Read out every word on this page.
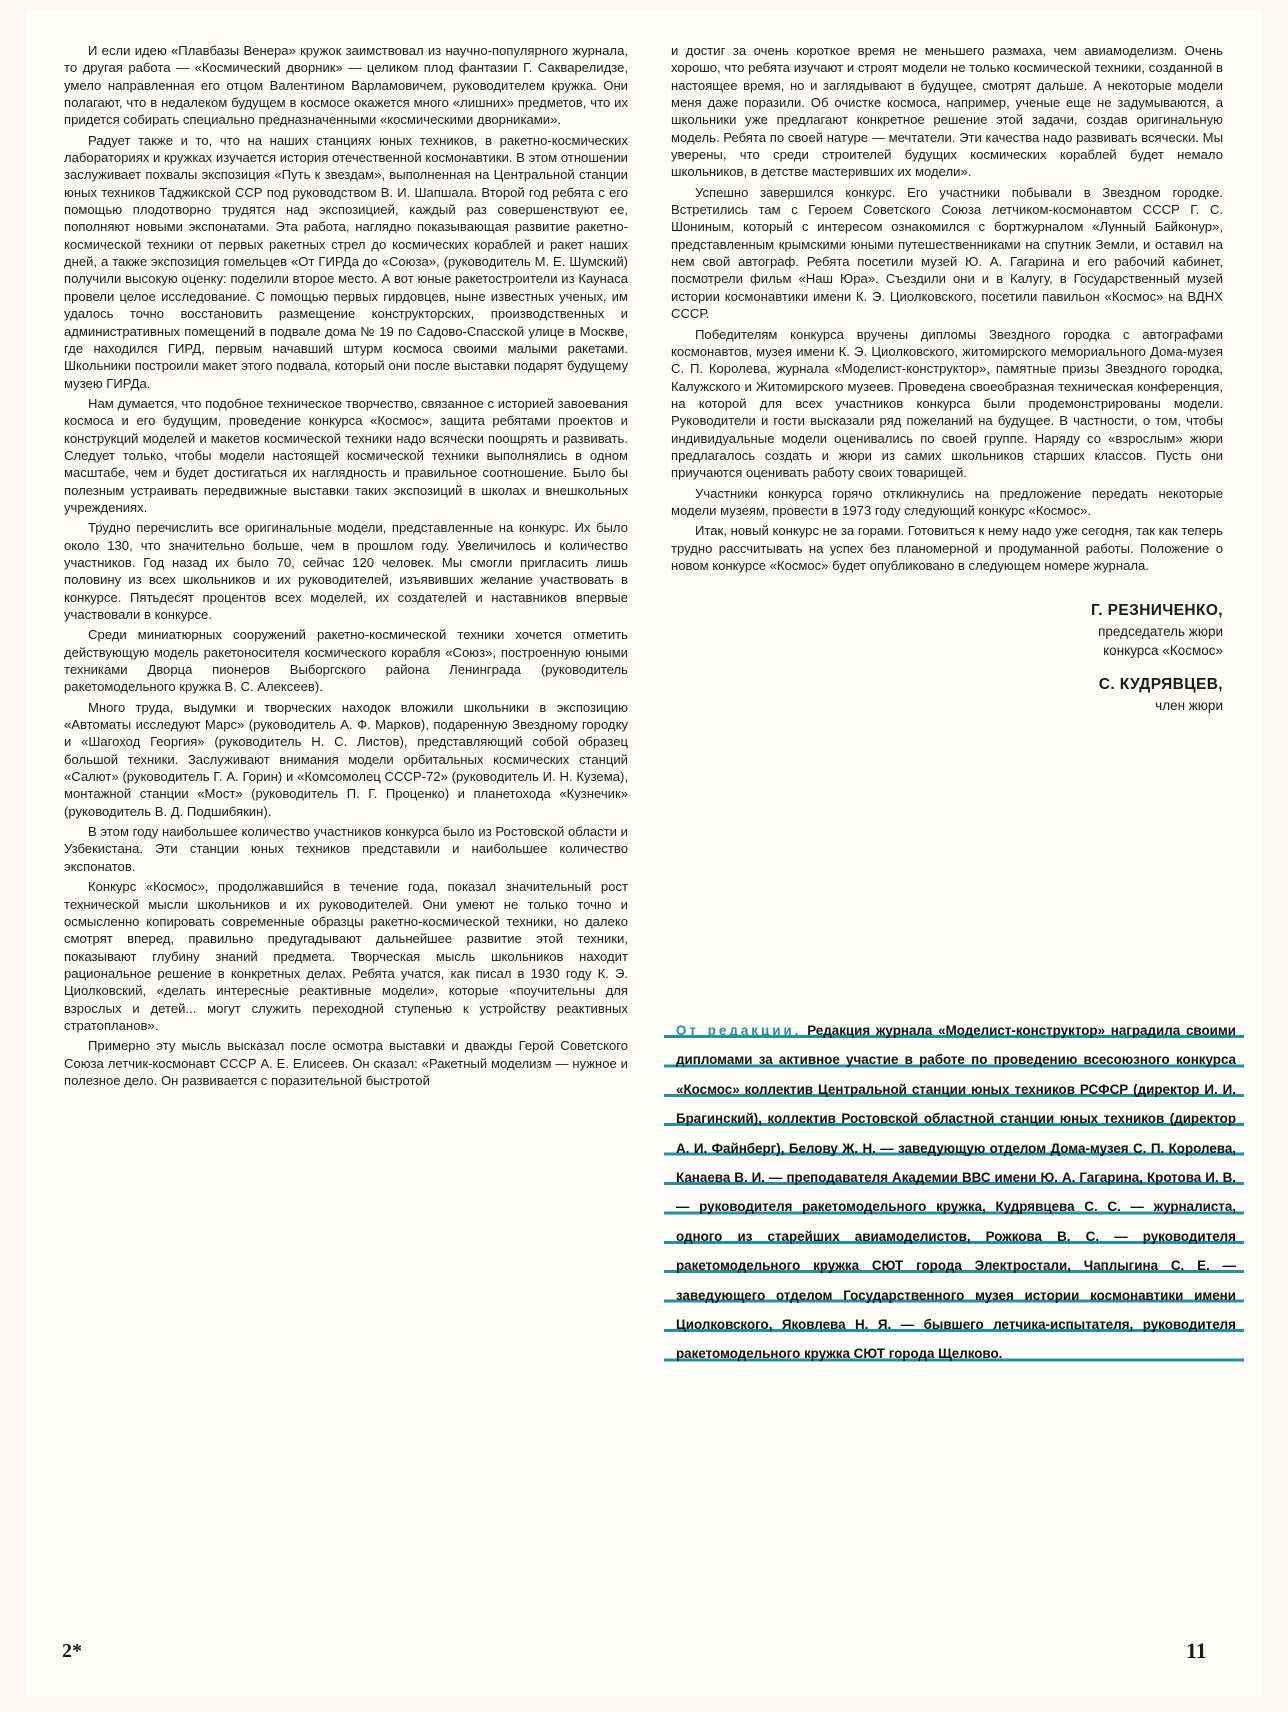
И если идею «Плавбазы Венера» кружок заимствовал из научно-популярного журнала, то другая работа — «Космический дворник» — целиком плод фантазии Г. Сакварелидзе, умело направленная его отцом Валентином Варламовичем, руководителем кружка. Они полагают, что в недалеком будущем в космосе окажется много «лишних» предметов, что их придется собирать специально предназначенными «космическими дворниками».

Радует также и то, что на наших станциях юных техников, в ракетно-космических лабораториях и кружках изучается история отечественной космонавтики. В этом отношении заслуживает похвалы экспозиция «Путь к звездам», выполненная на Центральной станции юных техников Таджикской ССР под руководством В. И. Шапшала. Второй год ребята с его помощью плодотворно трудятся над экспозицией, каждый раз совершенствуют ее, пополняют новыми экспонатами. Эта работа, наглядно показывающая развитие ракетно-космической техники от первых ракетных стрел до космических кораблей и ракет наших дней, а также экспозиция гомельцев «От ГИРДа до «Союза», (руководитель М. Е. Шумский) получили высокую оценку: поделили второе место. А вот юные ракетостроители из Каунаса провели целое исследование. С помощью первых гирдовцев, ныне известных ученых, им удалось точно восстановить размещение конструкторских, производственных и административных помещений в подвале дома № 19 по Садово-Спасской улице в Москве, где находился ГИРД, первым начавший штурм космоса своими малыми ракетами. Школьники построили макет этого подвала, который они после выставки подарят будущему музею ГИРДа.

Нам думается, что подобное техническое творчество, связанное с историей завоевания космоса и его будущим, проведение конкурса «Космос», защита ребятами проектов и конструкций моделей и макетов космической техники надо всячески поощрять и развивать. Следует только, чтобы модели настоящей космической техники выполнялись в одном масштабе, чем и будет достигаться их наглядность и правильное соотношение. Было бы полезным устраивать передвижные выставки таких экспозиций в школах и внешкольных учреждениях.

Трудно перечислить все оригинальные модели, представленные на конкурс. Их было около 130, что значительно больше, чем в прошлом году. Увеличилось и количество участников. Год назад их было 70, сейчас 120 человек. Мы смогли пригласить лишь половину из всех школьников и их руководителей, изъявивших желание участвовать в конкурсе. Пятьдесят процентов всех моделей, их создателей и наставников впервые участвовали в конкурсе.

Среди миниатюрных сооружений ракетно-космической техники хочется отметить действующую модель ракетоносителя космического корабля «Союз», построенную юными техниками Дворца пионеров Выборгского района Ленинграда (руководитель ракетомодельного кружка В. С. Алексеев).

Много труда, выдумки и творческих находок вложили школьники в экспозицию «Автоматы исследуют Марс» (руководитель А. Ф. Марков), подаренную Звездному городку и «Шагоход Георгия» (руководитель Н. С. Листов), представляющий собой образец большой техники. Заслуживают внимания модели орбитальных космических станций «Салют» (руководитель Г. А. Горин) и «Комсомолец СССР-72» (руководитель И. Н. Кузема), монтажной станции «Мост» (руководитель П. Г. Проценко) и планетохода «Кузнечик» (руководитель В. Д. Подшибякин).

В этом году наибольшее количество участников конкурса было из Ростовской области и Узбекистана. Эти станции юных техников представили и наибольшее количество экспонатов.

Конкурс «Космос», продолжавшийся в течение года, показал значительный рост технической мысли школьников и их руководителей. Они умеют не только точно и осмысленно копировать современные образцы ракетно-космической техники, но далеко смотрят вперед, правильно предугадывают дальнейшее развитие этой техники, показывают глубину знаний предмета. Творческая мысль школьников находит рациональное решение в конкретных делах. Ребята учатся, как писал в 1930 году К. Э. Циолковский, «делать интересные реактивные модели», которые «поучительны для взрослых и детей... могут служить переходной ступенью к устройству реактивных стратопланов».

Примерно эту мысль высказал после осмотра выставки и дважды Герой Советского Союза летчик-космонавт СССР А. Е. Елисеев. Он сказал: «Ракетный моделизм — нужное и полезное дело. Он развивается с поразительной быстротой

и достиг за очень короткое время не меньшего размаха, чем авиамоделизм. Очень хорошо, что ребята изучают и строят модели не только космической техники, созданной в настоящее время, но и заглядывают в будущее, смотрят дальше. А некоторые модели меня даже поразили. Об очистке космоса, например, ученые еще не задумываются, а школьники уже предлагают конкретное решение этой задачи, создав оригинальную модель. Ребята по своей натуре — мечтатели. Эти качества надо развивать всячески. Мы уверены, что среди строителей будущих космических кораблей будет немало школьников, в детстве мастеривших их модели».

Успешно завершился конкурс. Его участники побывали в Звездном городке. Встретились там с Героем Советского Союза летчиком-космонавтом СССР Г. С. Шониным, который с интересом ознакомился с бортжурналом «Лунный Байконур», представленным крымскими юными путешественниками на спутник Земли, и оставил на нем свой автограф. Ребята посетили музей Ю. А. Гагарина и его рабочий кабинет, посмотрели фильм «Наш Юра». Съездили они и в Калугу, в Государственный музей истории космонавтики имени К. Э. Циолковского, посетили павильон «Космос» на ВДНХ СССР.

Победителям конкурса вручены дипломы Звездного городка с автографами космонавтов, музея имени К. Э. Циолковского, житомирского мемориального Дома-музея С. П. Королева, журнала «Моделист-конструктор», памятные призы Звездного городка, Калужского и Житомирского музеев. Проведена своеобразная техническая конференция, на которой для всех участников конкурса были продемонстрированы модели. Руководители и гости высказали ряд пожеланий на будущее. В частности, о том, чтобы индивидуальные модели оценивались по своей группе. Наряду со «взрослым» жюри предлагалось создать и жюри из самих школьников старших классов. Пусть они приучаются оценивать работу своих товарищей.

Участники конкурса горячо откликнулись на предложение передать некоторые модели музеям, провести в 1973 году следующий конкурс «Космос».

Итак, новый конкурс не за горами. Готовиться к нему надо уже сегодня, так как теперь трудно рассчитывать на успех без планомерной и продуманной работы. Положение о новом конкурсе «Космос» будет опубликовано в следующем номере журнала.

Г. РЕЗНИЧЕНКО,
председатель жюри
конкурса «Космос»
С. КУДРЯВЦЕВ,
член жюри
От редакции. Редакция журнала «Моделист-конструктор» наградила своими дипломами за активное участие в работе по проведению всесоюзного конкурса «Космос» коллектив Центральной станции юных техников РСФСР (директор И. И. Брагинский), коллектив Ростовской областной станции юных техников (директор А. И. Файнберг), Белову Ж. Н. — заведующую отделом Дома-музея С. П. Королева, Канаева В. И. — преподавателя Академии ВВС имени Ю. А. Гагарина, Кротова И. В. — руководителя ракетомодельного кружка, Кудрявцева С. С. — журналиста, одного из старейших авиамоделистов, Рожкова В. С. — руководителя ракетомодельного кружка СЮТ города Электростали, Чаплыгина С. Е. — заведующего отделом Государственного музея истории космонавтики имени Циолковского, Яковлева Н. Я. — бывшего летчика-испытателя, руководителя ракетомодельного кружка СЮТ города Щелково.
2*	11
